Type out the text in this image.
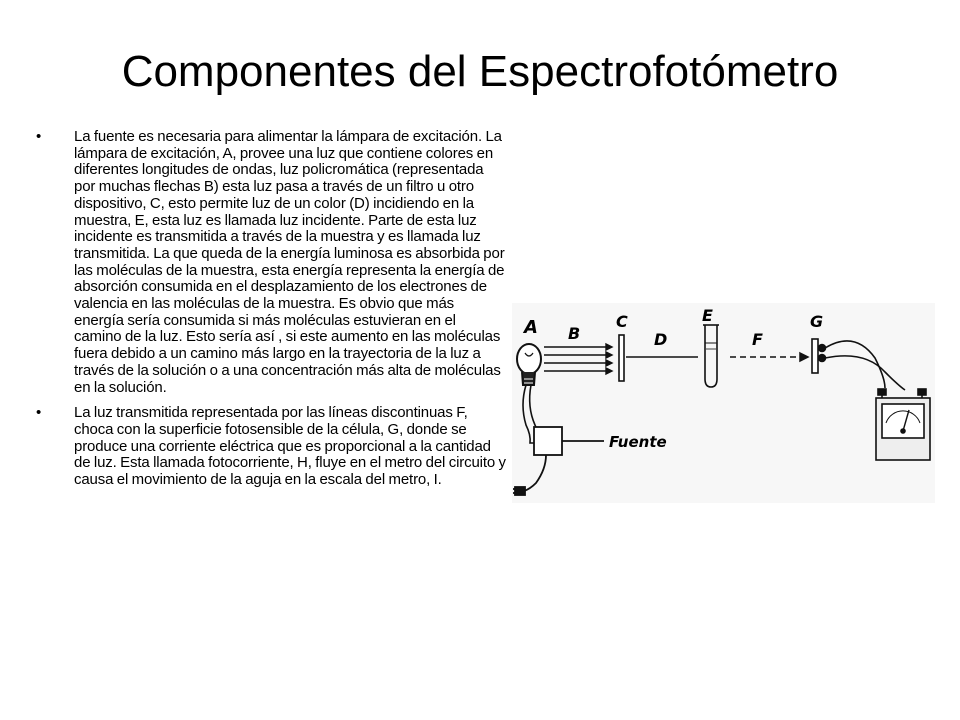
Componentes del Espectrofotómetro
•	La fuente es necesaria para alimentar la lámpara de excitación. La lámpara de excitación, A, provee una luz que contiene colores en diferentes longitudes de ondas, luz policromática (representada por muchas flechas B) esta luz pasa a través de un filtro u otro dispositivo, C, esto permite luz de un color (D) incidiendo en la muestra, E, esta luz es llamada luz incidente. Parte de esta luz incidente es transmitida a través de la muestra y es llamada luz transmitida. La que queda de la energía luminosa es absorbida por las moléculas de la muestra, esta energía representa la energía de absorción consumida en el desplazamiento de los electrones de valencia en las moléculas de la muestra. Es obvio que más energía sería consumida si más moléculas estuvieran en el camino de la luz. Esto sería así , si este aumento en las moléculas fuera debido a un camino más largo en la trayectoria de la luz a través de la solución o a una concentración más alta de moléculas en la solución.
•	La luz transmitida representada por las líneas discontinuas F, choca con la superficie fotosensible de la célula, G, donde se produce una corriente eléctrica que es proporcional a la cantidad de luz. Esta llamada fotocorriente, H, fluye en el metro del circuito y causa el movimiento de la aguja en la escala del metro, I.
A B
C
D
E
F
G
Fuente
